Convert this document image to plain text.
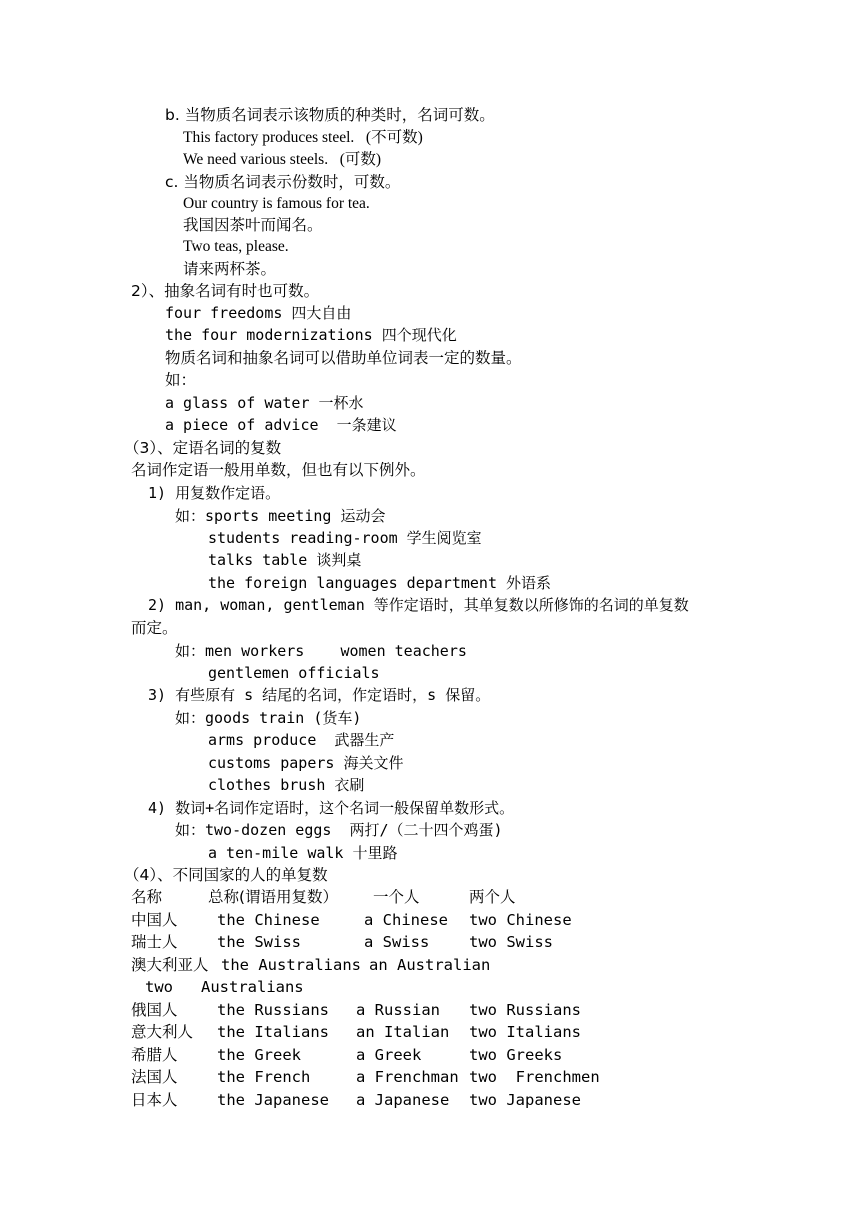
b. 当物质名词表示该物质的种类时，名词可数。
This factory produces steel.   (不可数)
We need various steels.   (可数)
c. 当物质名词表示份数时，可数。
Our country is famous for tea.
我国因茶叶而闻名。
Two teas, please.
请来两杯茶。
2）、抽象名词有时也可数。
four freedoms 四大自由
the four modernizations 四个现代化
物质名词和抽象名词可以借助单位词表一定的数量。
如：
a glass of water 一杯水
a piece of advice  一条建议
（3）、定语名词的复数
名词作定语一般用单数，但也有以下例外。
1) 用复数作定语。
如：sports meeting 运动会
students reading-room 学生阅览室
talks table 谈判桌
the foreign languages department 外语系
2) man, woman, gentleman 等作定语时，其单复数以所修饰的名词的单复数
而定。
如：men workers    women teachers
gentlemen officials
3) 有些原有 s 结尾的名词，作定语时，s 保留。
如：goods train (货车)
arms produce  武器生产
customs papers 海关文件
clothes brush 衣刷
4) 数词+名词作定语时，这个名词一般保留单数形式。
如：two-dozen eggs  两打/（二十四个鸡蛋)
a ten-mile walk 十里路
（4）、不同国家的人的单复数
名称	总称(谓语用复数） 一个人	两个人
中国人	the Chinese	a Chinese two Chinese
瑞士人	the Swiss	a Swiss	two Swiss
澳大利亚人 the Australians an Australian
two   Australians
俄国人	the Russians a Russian two Russians
意大利人 the Italians an Italian two Italians
希腊人	the Greek	a Greek	two Greeks
法国人	the French	a Frenchman two  Frenchmen
日本人	the Japanese a Japanese two Japanese
